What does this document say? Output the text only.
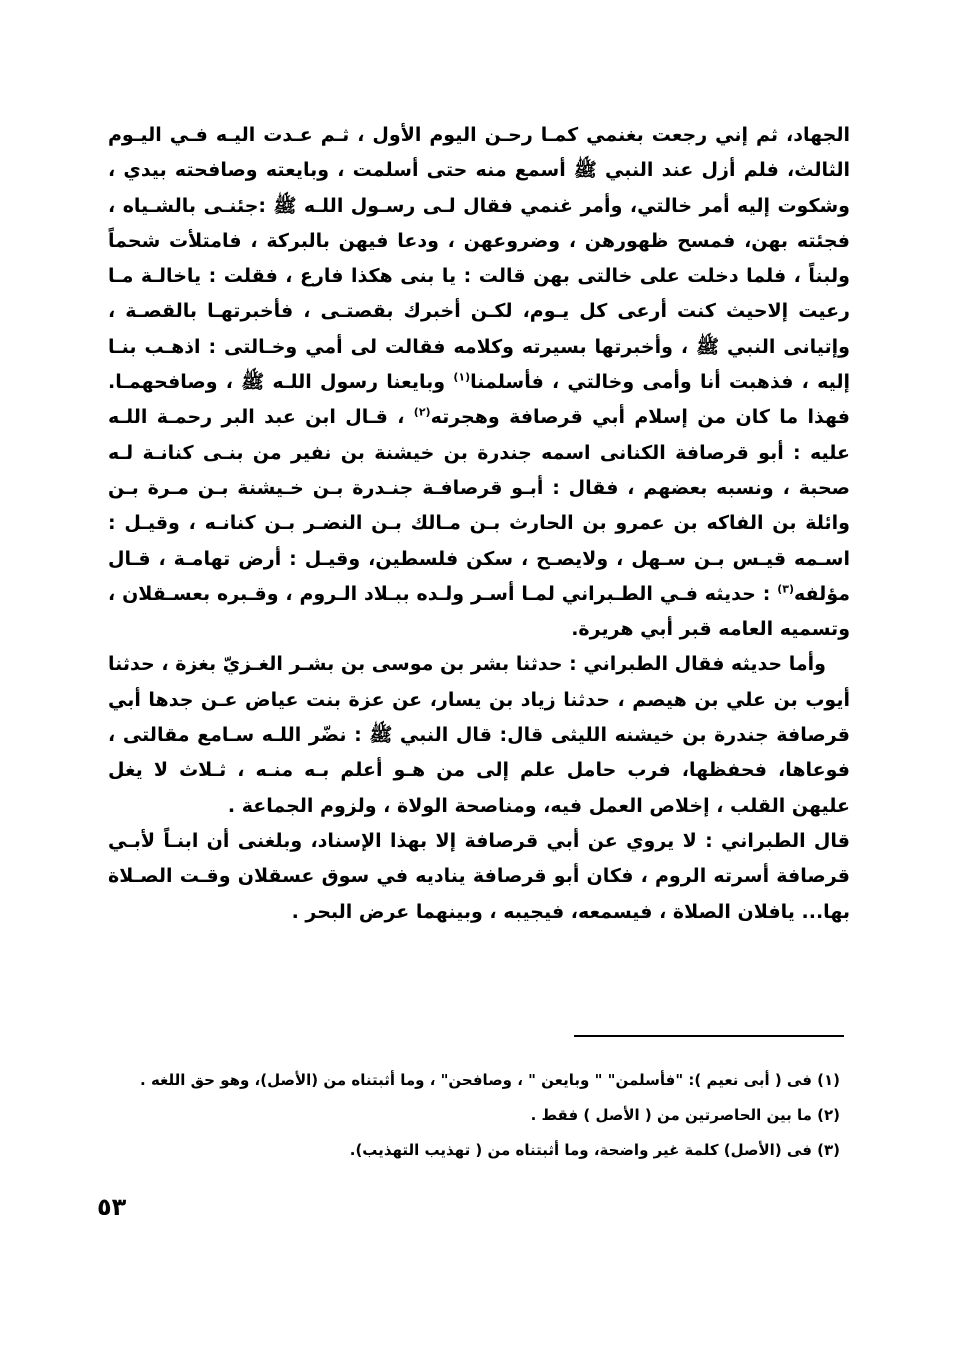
الجهاد، ثم إني رجعت بغنمي كمـا رحـن اليوم الأول ، ثـم عـدت اليـه فـي اليـوم الثالث، فلم أزل عند النبي ﷺ أسمع منه حتى أسلمت ، وبايعته وصافحته بيدي ، وشكوت إليه أمر خالتي، وأمر غنمي فقال لـى رسـول اللـه ﷺ :جئنـى بالشـياه ، فجئته بهن، فمسح ظهورهن ، وضروعهن ، ودعا فيهن بالبركة ، فامتلأت شحماً ولبناً ، فلما دخلت على خالتى بهن قالت : يا بنى هكذا فارع ، فقلت : ياخالـة مـا رعيت إلاحيث كنت أرعى كل يـوم، لكـن أخبرك بقصتـى ، فأخبرتهـا بالقصـة ، وإتيانى النبي ﷺ ، وأخبرتها بسيرته وكلامه فقالت لى أمي وخـالتى : اذهـب بنـا إليه ، فذهبت أنا وأمى وخالتي ، فأسلمنا$^{(١)}$ وبايعنا رسول اللـه ﷺ ، وصافحهمـا. فهذا ما كان من إسلام أبي قرصافة وهجرته$^{(٢)}$ ، قـال ابن عبد البر رحمـة اللـه عليه : أبو قرصافة الكنانى اسمه جندرة بن خيشنة بن نفير من بنـى كنانـة لـه صحبة ، ونسبه بعضهم ، فقال : أبـو قرصافـة جنـدرة بـن خـيشنة بـن مـرة بـن وائلة بن الفاكه بن عمرو بن الحارث بـن مـالك بـن النضـر بـن كنانـه ، وقيـل : اسـمه قيـس بـن سـهل ، ولايصـح ، سكن فلسطين، وقيـل : أرض تهامـة ، قـال مؤلفه$^{(٣)}$ : حديثه فـي الطـبراني لمـا أسـر ولـده ببـلاد الـروم ، وقـبره بعسـقلان ، وتسميه العامه قبر أبي هريرة.

وأما حديثه فقال الطبراني : حدثنا بشر بن موسى بن بشـر الغـزيّ بغزة ، حدثنا أيوب بن علي بن هيصم ، حدثنا زياد بن يسار، عن عزة بنت عياض عـن جدها أبي قرصافة جندرة بن خيشنه الليثى قال: قال النبي ﷺ : نضّر اللـه سـامع مقالتى ، فوعاها، فحفظها، فرب حامل علم إلى من هـو أعلم بـه منـه ، ثـلاث لا يغل عليهن القلب ، إخلاص العمل فيه، ومناصحة الولاة ، ولزوم الجماعة .

قال الطبراني : لا يروي عن أبي قرصافة إلا بهذا الإسناد، وبلغنى أن ابنـاً لأبـي قرصافة أسرته الروم ، فكان أبو قرصافة يناديه في سوق عسقلان وقـت الصـلاة بها... يافلان الصلاة ، فيسمعه، فيجيبه ، وبينهما عرض البحر .

(١) فى ( أبى نعيم ): "فأسلمن" " وبايعن " ، وصافحن" ، وما أثبتناه من (الأصل)، وهو حق اللغه .

(٢) ما بين الحاصرتين من ( الأصل ) فقط .

(٣) فى (الأصل) كلمة غير واضحة، وما أثبتناه من ( تهذيب التهذيب).

٥٣
